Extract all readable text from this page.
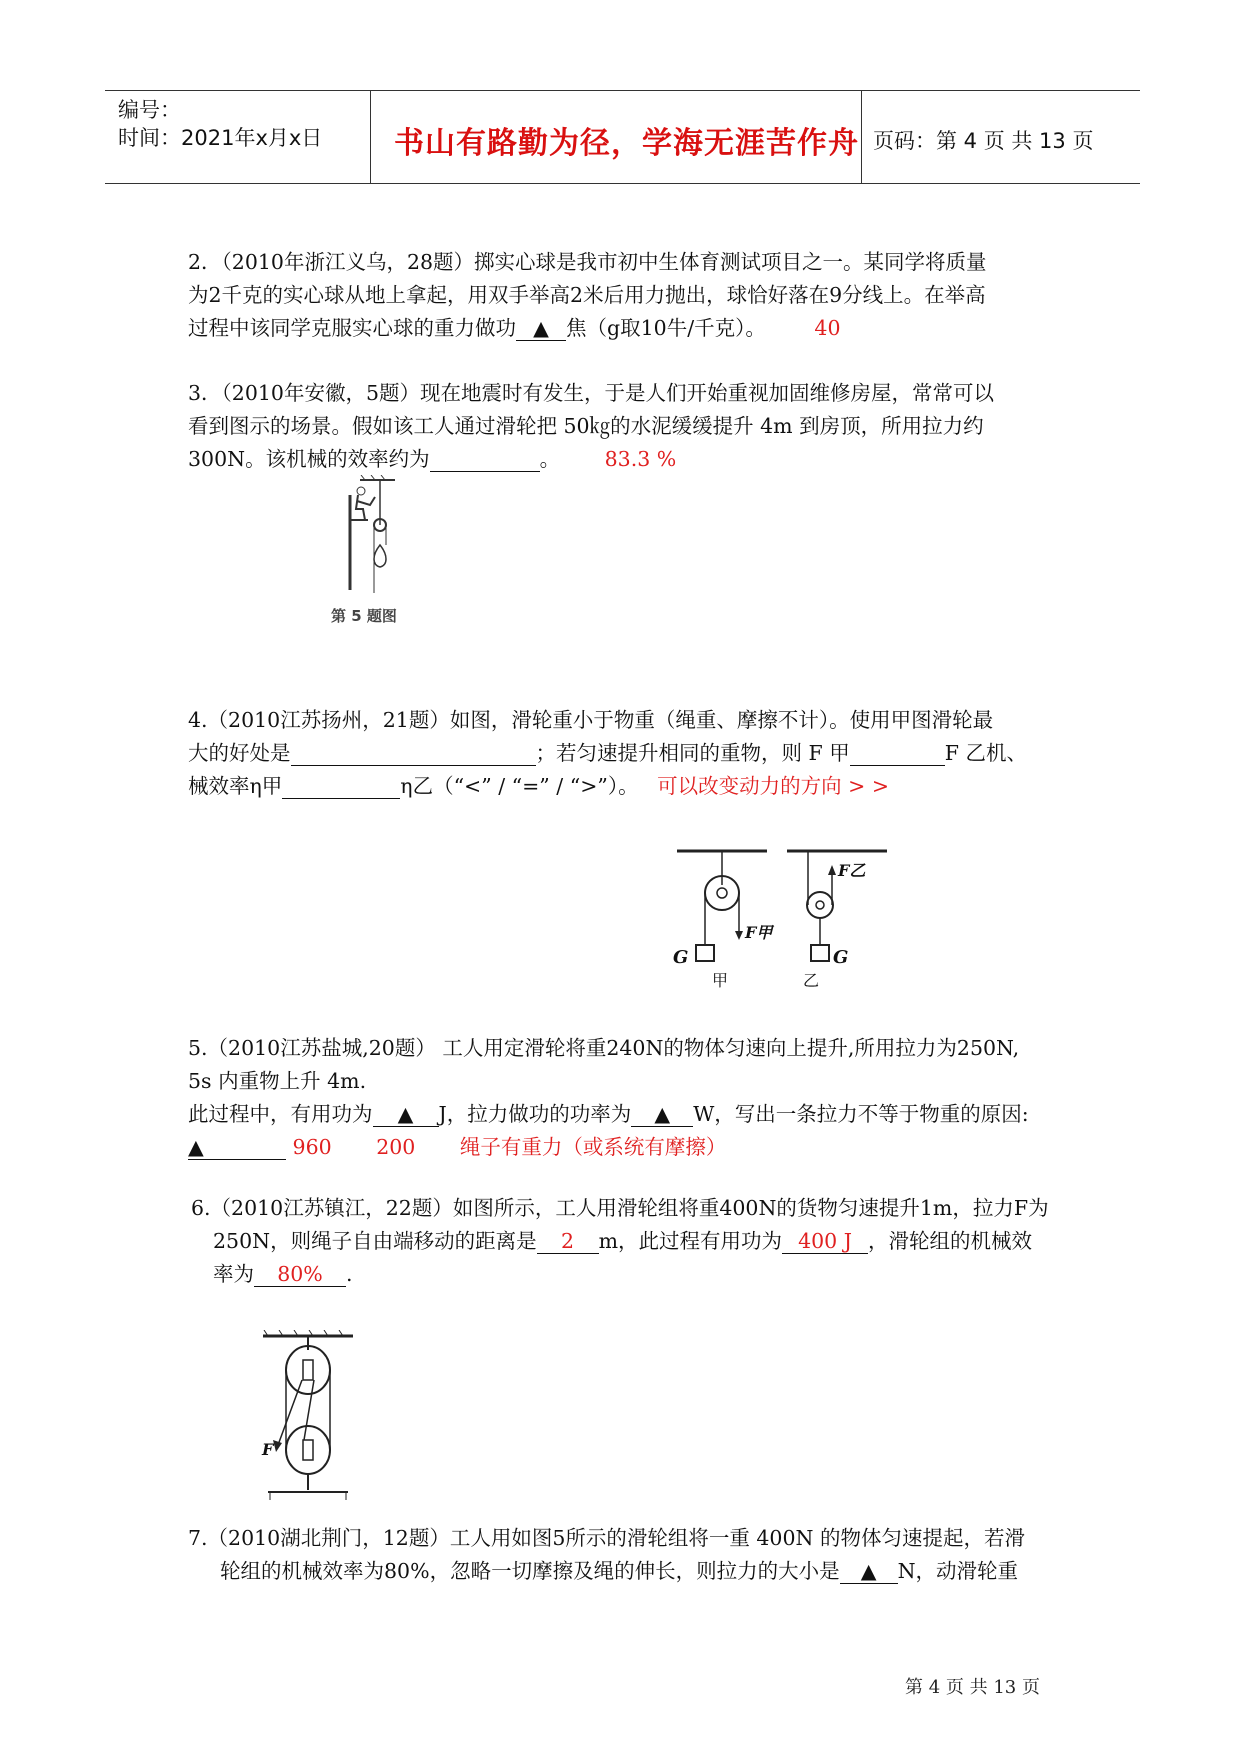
编号：
时间：2021年x月x日 书山有路勤为径，学海无涯苦作舟 页码：第 4 页 共 13 页
2．（2010年浙江义乌，28题）掷实心球是我市初中生体育测试项目之一。某同学将质量
为2千克的实心球从地上拿起，用双手举高2米后用力抛出，球恰好落在9分线上。在举高
过程中该同学克服实心球的重力做功 ▲ 焦（g取10牛/千克）。 40
3．（2010年安徽，5题）现在地震时有发生，于是人们开始重视加固维修房屋，常常可以
看到图示的场景。假如该工人通过滑轮把 50㎏的水泥缓缓提升 4m 到房顶，所用拉力约
300N。该机械的效率约为	。 83.3 %
第 5 题图
4.（2010江苏扬州，21题）如图，滑轮重小于物重（绳重、摩擦不计）。使用甲图滑轮最
大的好处是	；若匀速提升相同的重物，则 F 甲	F 乙机、
械效率η甲	η乙（“<” / “=” / “>”）。 可以改变动力的方向 > >
G
F甲
甲
G
F乙
乙
5.（2010江苏盐城,20题） 工人用定滑轮将重240N的物体匀速向上提升,所用拉力为250N,
5s 内重物上升 4m.
此过程中，有用功为 ▲ J，拉力做功的功率为 ▲ W，写出一条拉力不等于物重的原因:
▲	960 200 绳子有重力（或系统有摩擦）
6.（2010江苏镇江，22题）如图所示，工人用滑轮组将重400N的货物匀速提升1m，拉力F为
250N，则绳子自由端移动的距离是 2 m，此过程有用功为 400 J ，滑轮组的机械效
率为 80% .
F
7.（2010湖北荆门，12题）工人用如图5所示的滑轮组将一重 400N 的物体匀速提起，若滑
轮组的机械效率为80%，忽略一切摩擦及绳的伸长，则拉力的大小是 ▲ N，动滑轮重
第 4 页 共 13 页
